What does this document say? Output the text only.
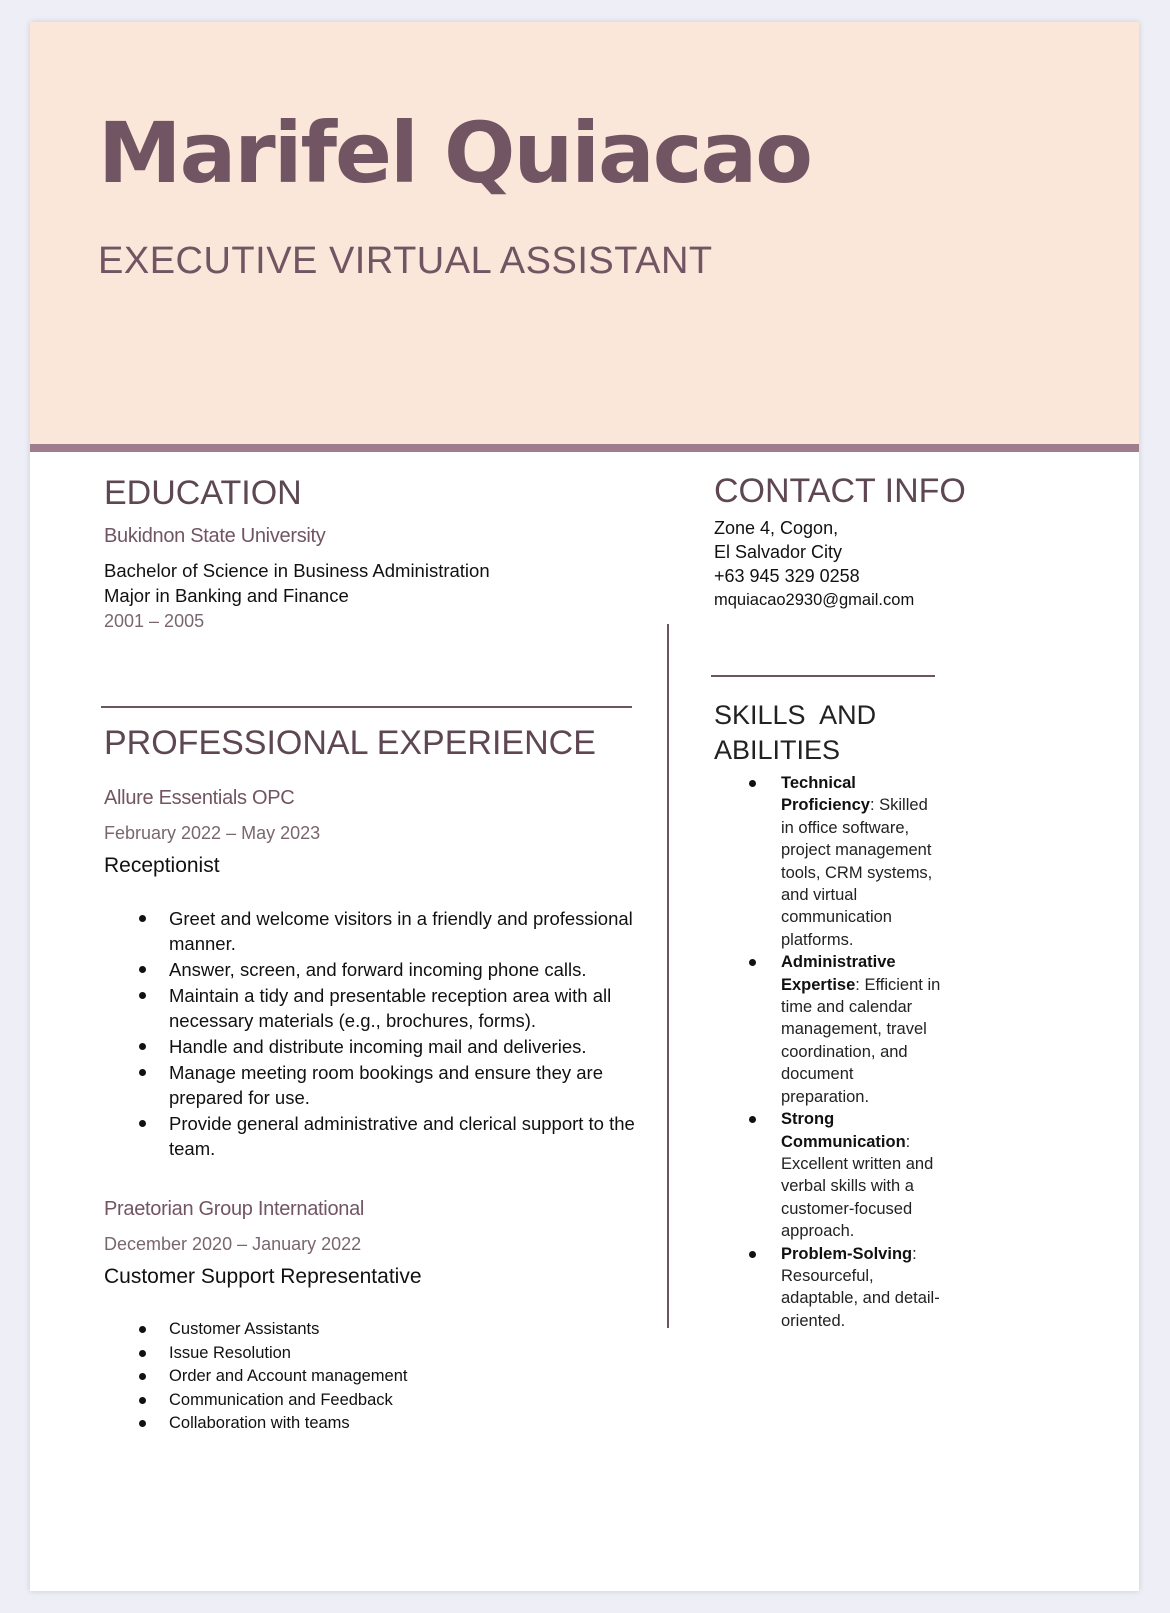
Marifel Quiacao
EXECUTIVE VIRTUAL ASSISTANT
EDUCATION
Bukidnon State University
Bachelor of Science in Business Administration
Major in Banking and Finance
2001 – 2005
PROFESSIONAL EXPERIENCE
Allure Essentials OPC
February 2022 – May 2023
Receptionist
Greet and welcome visitors in a friendly and professional manner.
Answer, screen, and forward incoming phone calls.
Maintain a tidy and presentable reception area with all necessary materials (e.g., brochures, forms).
Handle and distribute incoming mail and deliveries.
Manage meeting room bookings and ensure they are prepared for use.
Provide general administrative and clerical support to the team.
Praetorian Group International
December 2020 – January 2022
Customer Support Representative
Customer Assistants
Issue Resolution
Order and Account management
Communication and Feedback
Collaboration with teams
CONTACT INFO
Zone 4, Cogon,
El Salvador City
+63 945 329 0258
mquiacao2930@gmail.com
SKILLS  AND
ABILITIES
Technical Proficiency: Skilled in office software, project management tools, CRM systems, and virtual communication platforms.
Administrative Expertise: Efficient in time and calendar management, travel coordination, and document preparation.
Strong Communication: Excellent written and verbal skills with a customer-focused approach.
Problem-Solving: Resourceful, adaptable, and detail-oriented.
